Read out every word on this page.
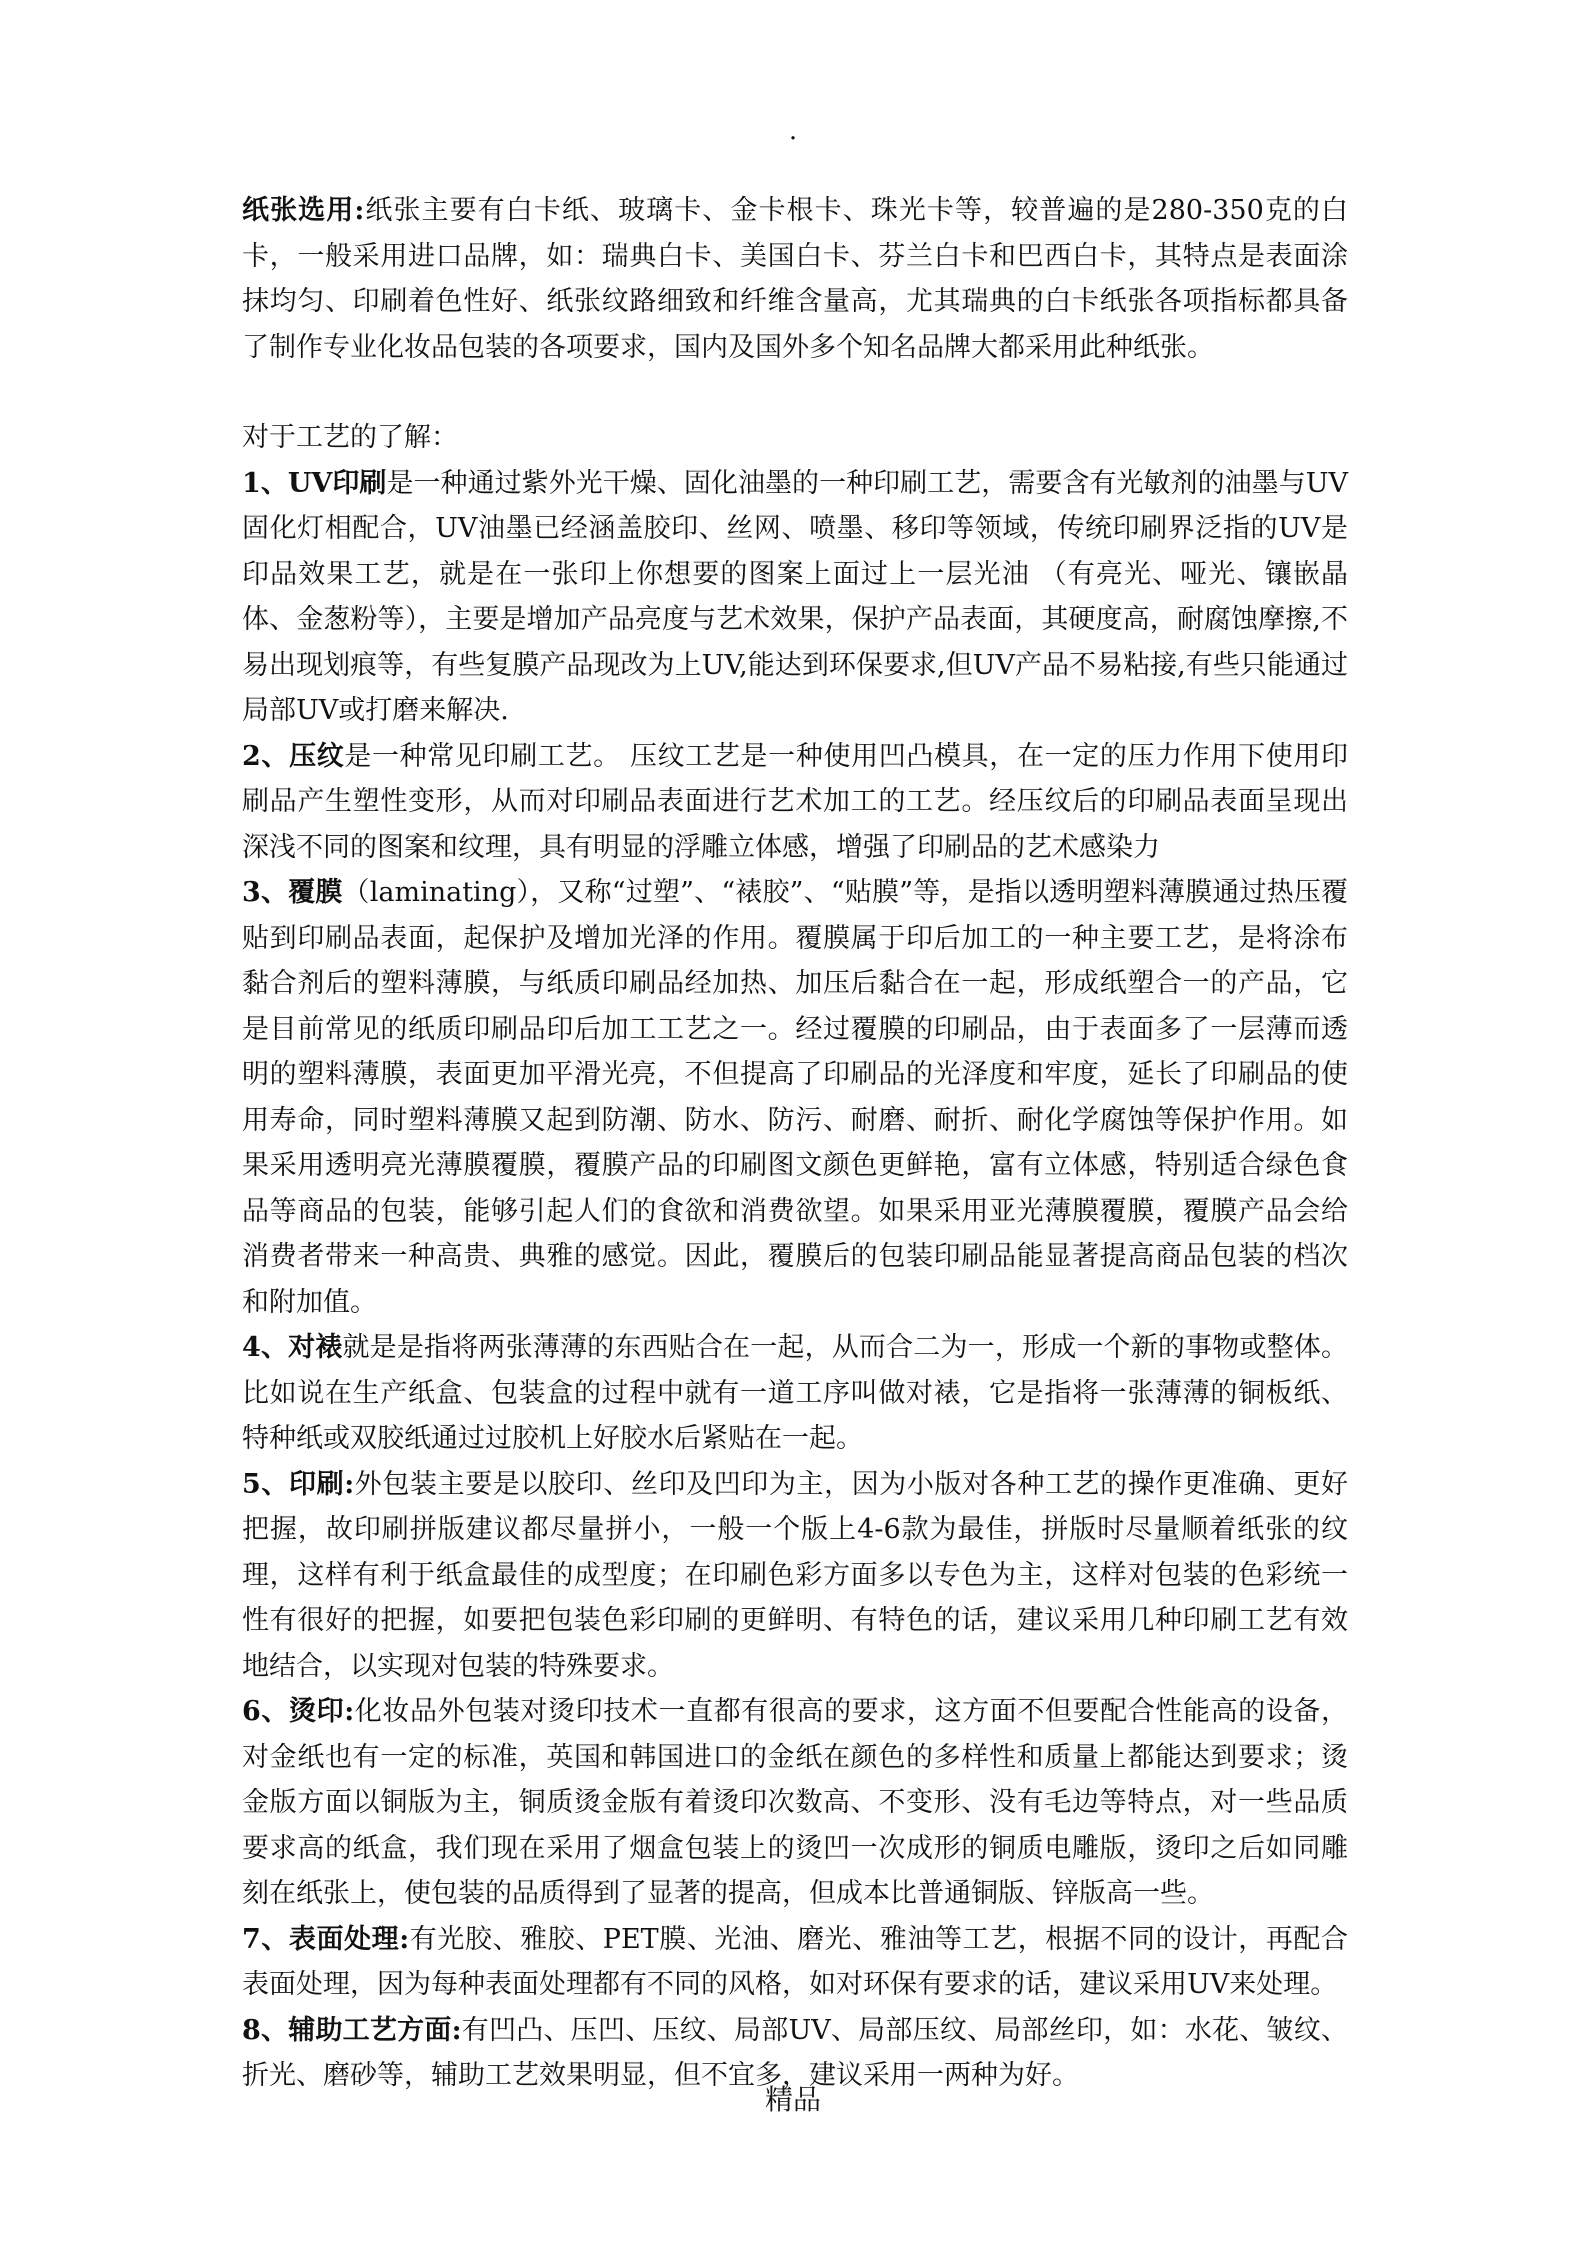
.

纸张选用:纸张主要有白卡纸、玻璃卡、金卡根卡、珠光卡等，较普遍的是280-350克的白卡，一般采用进口品牌，如：瑞典白卡、美国白卡、芬兰白卡和巴西白卡，其特点是表面涂抹均匀、印刷着色性好、纸张纹路细致和纤维含量高，尤其瑞典的白卡纸张各项指标都具备了制作专业化妆品包装的各项要求，国内及国外多个知名品牌大都采用此种纸张。

对于工艺的了解：

1、UV印刷是一种通过紫外光干燥、固化油墨的一种印刷工艺，需要含有光敏剂的油墨与UV固化灯相配合，UV油墨已经涵盖胶印、丝网、喷墨、移印等领域，传统印刷界泛指的UV是印品效果工艺，就是在一张印上你想要的图案上面过上一层光油 （有亮光、哑光、镶嵌晶体、金葱粉等），主要是增加产品亮度与艺术效果，保护产品表面，其硬度高，耐腐蚀摩擦,不易出现划痕等，有些复膜产品现改为上UV,能达到环保要求,但UV产品不易粘接,有些只能通过局部UV或打磨来解决.

2、压纹是一种常见印刷工艺。 压纹工艺是一种使用凹凸模具，在一定的压力作用下使用印刷品产生塑性变形，从而对印刷品表面进行艺术加工的工艺。经压纹后的印刷品表面呈现出深浅不同的图案和纹理，具有明显的浮雕立体感，增强了印刷品的艺术感染力

3、覆膜（laminating），又称“过塑”、“裱胶”、“贴膜”等，是指以透明塑料薄膜通过热压覆贴到印刷品表面，起保护及增加光泽的作用。覆膜属于印后加工的一种主要工艺，是将涂布黏合剂后的塑料薄膜，与纸质印刷品经加热、加压后黏合在一起，形成纸塑合一的产品，它是目前常见的纸质印刷品印后加工工艺之一。经过覆膜的印刷品，由于表面多了一层薄而透明的塑料薄膜，表面更加平滑光亮，不但提高了印刷品的光泽度和牢度，延长了印刷品的使用寿命，同时塑料薄膜又起到防潮、防水、防污、耐磨、耐折、耐化学腐蚀等保护作用。如果采用透明亮光薄膜覆膜，覆膜产品的印刷图文颜色更鲜艳，富有立体感，特别适合绿色食品等商品的包装，能够引起人们的食欲和消费欲望。如果采用亚光薄膜覆膜，覆膜产品会给消费者带来一种高贵、典雅的感觉。因此，覆膜后的包装印刷品能显著提高商品包装的档次和附加值。

4、对裱就是是指将两张薄薄的东西贴合在一起，从而合二为一，形成一个新的事物或整体。比如说在生产纸盒、包装盒的过程中就有一道工序叫做对裱，它是指将一张薄薄的铜板纸、特种纸或双胶纸通过过胶机上好胶水后紧贴在一起。

5、印刷:外包装主要是以胶印、丝印及凹印为主，因为小版对各种工艺的操作更准确、更好把握，故印刷拼版建议都尽量拼小，一般一个版上4-6款为最佳，拼版时尽量顺着纸张的纹理，这样有利于纸盒最佳的成型度；在印刷色彩方面多以专色为主，这样对包装的色彩统一性有很好的把握，如要把包装色彩印刷的更鲜明、有特色的话，建议采用几种印刷工艺有效地结合，以实现对包装的特殊要求。

6、烫印:化妆品外包装对烫印技术一直都有很高的要求，这方面不但要配合性能高的设备，对金纸也有一定的标准，英国和韩国进口的金纸在颜色的多样性和质量上都能达到要求；烫金版方面以铜版为主，铜质烫金版有着烫印次数高、不变形、没有毛边等特点，对一些品质要求高的纸盒，我们现在采用了烟盒包装上的烫凹一次成形的铜质电雕版，烫印之后如同雕刻在纸张上，使包装的品质得到了显著的提高，但成本比普通铜版、锌版高一些。

7、表面处理:有光胶、雅胶、PET膜、光油、磨光、雅油等工艺，根据不同的设计，再配合表面处理，因为每种表面处理都有不同的风格，如对环保有要求的话，建议采用UV来处理。

8、辅助工艺方面:有凹凸、压凹、压纹、局部UV、局部压纹、局部丝印，如：水花、皱纹、折光、磨砂等，辅助工艺效果明显，但不宜多，建议采用一两种为好。

精品
